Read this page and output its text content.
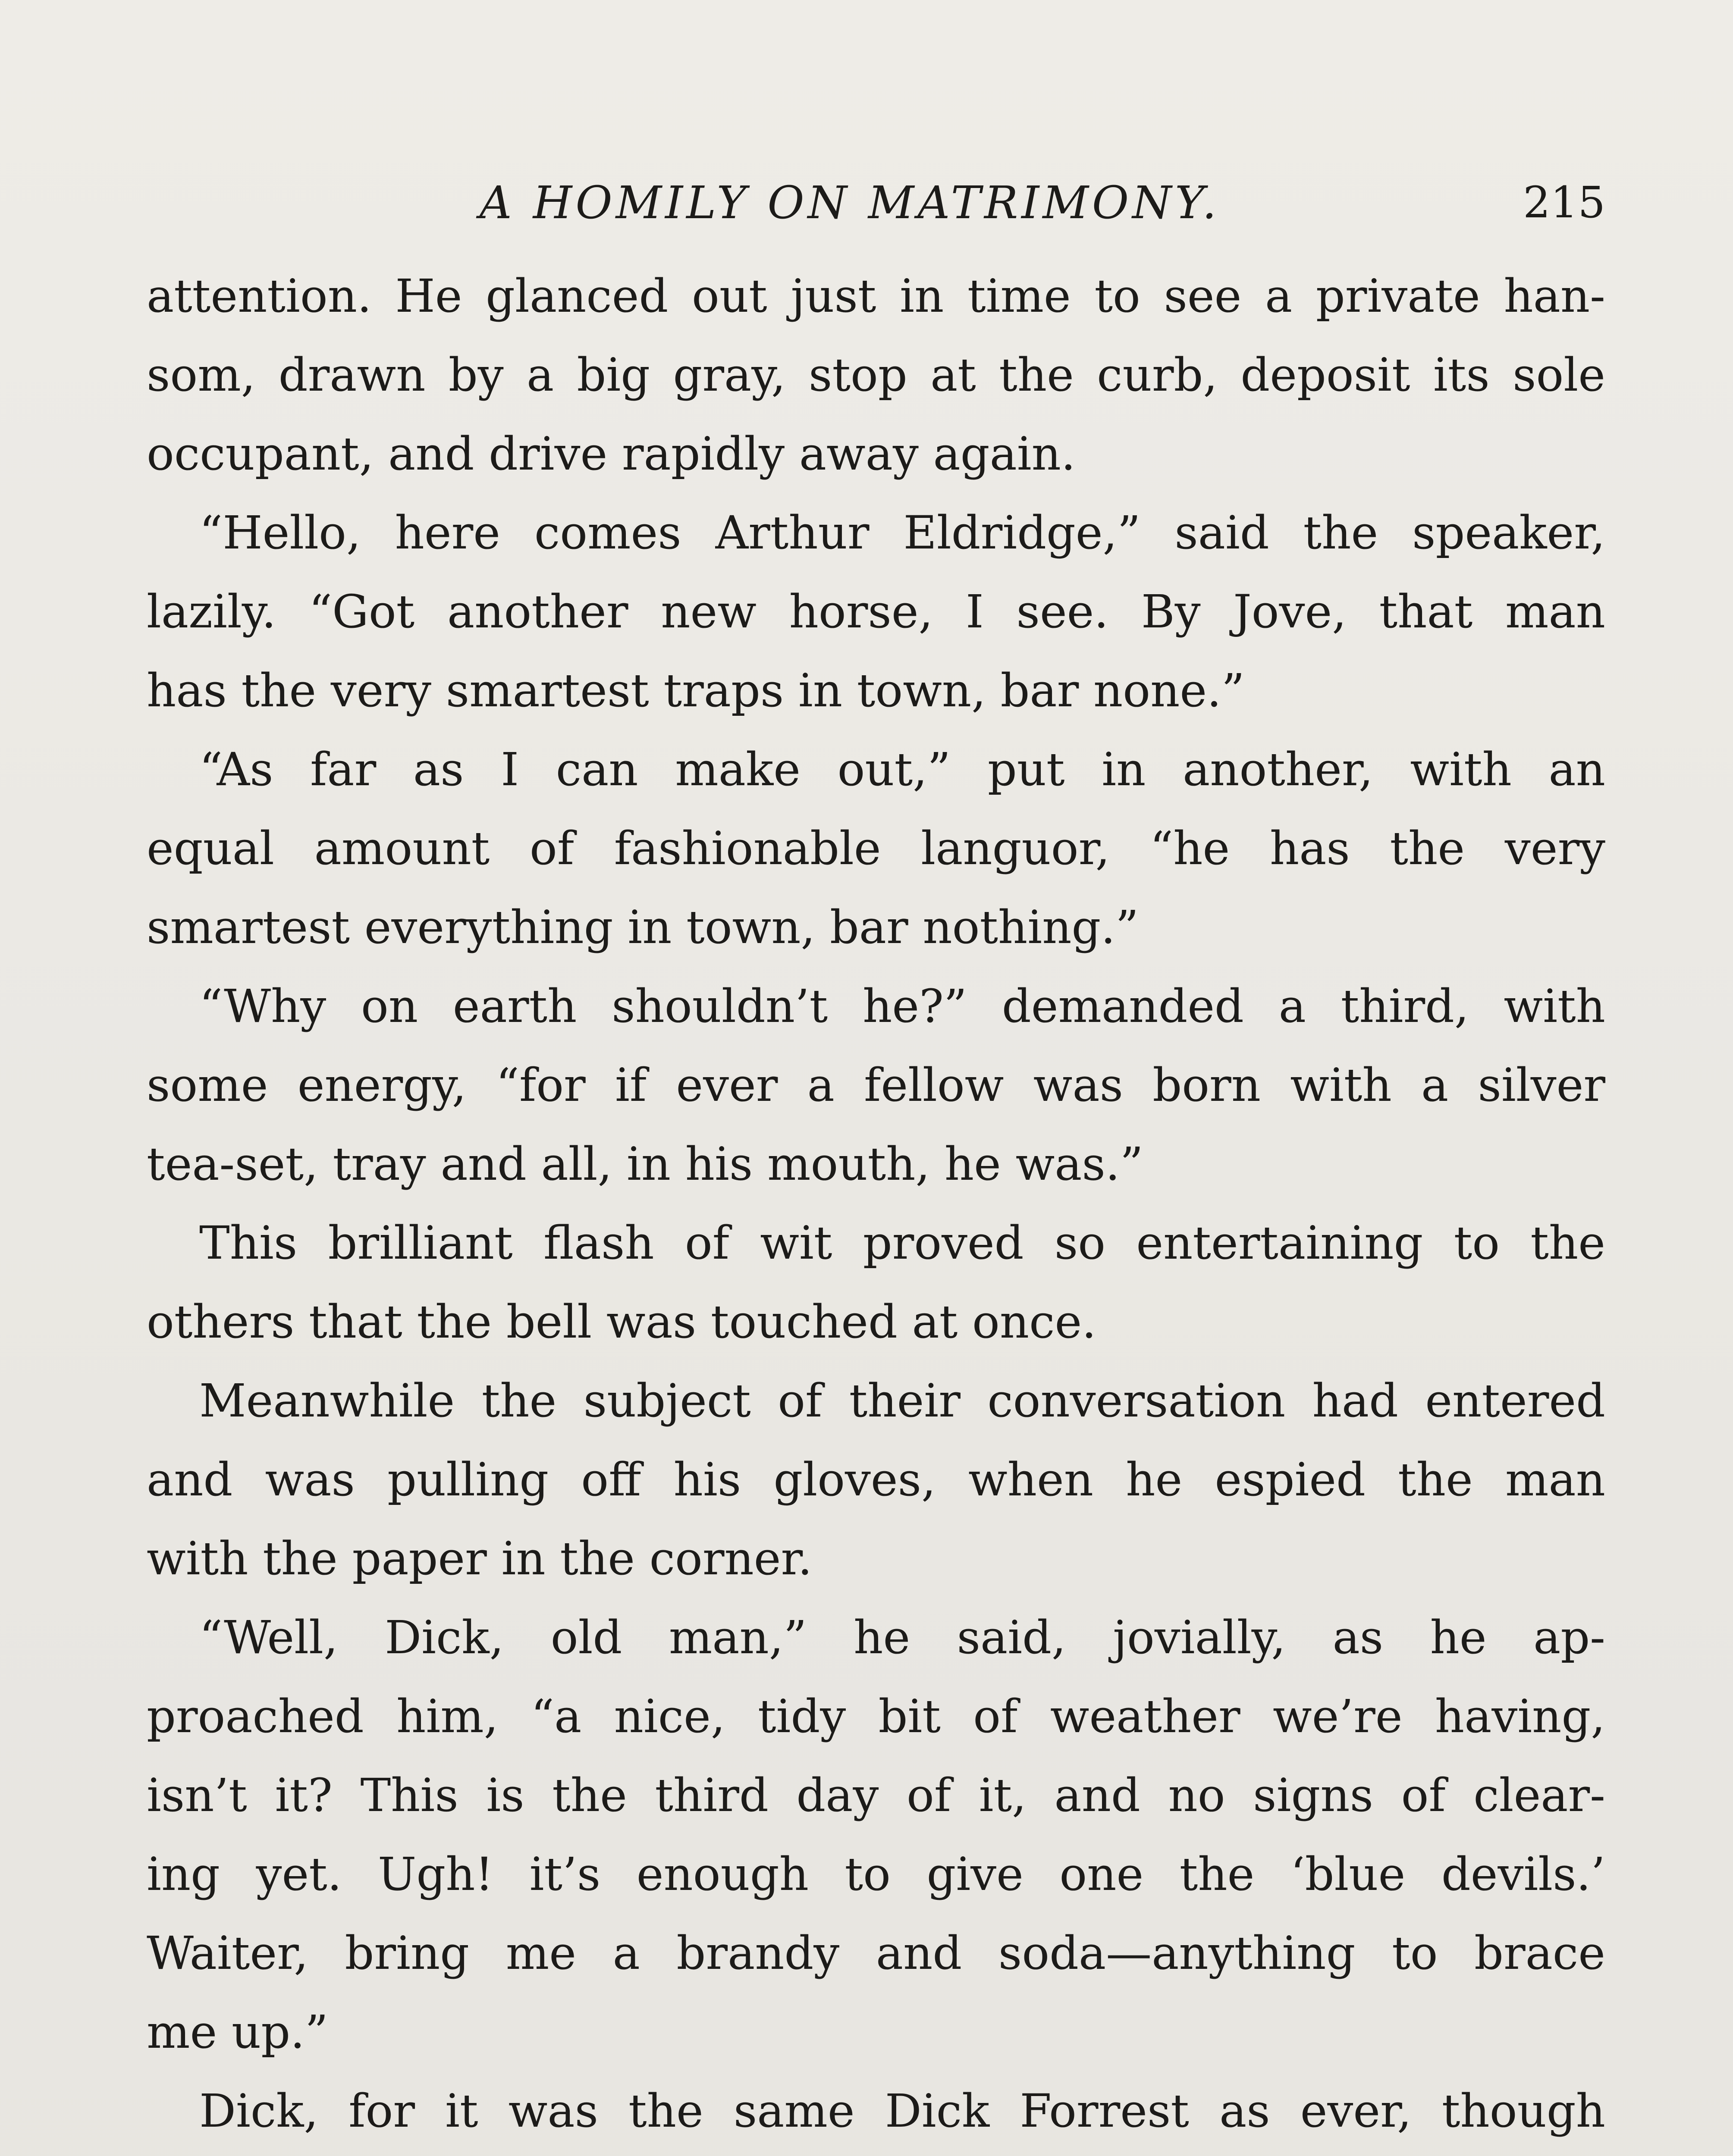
A HOMILY ON MATRIMONY.	215
attention. He glanced out just in time to see a private han-
som, drawn by a big gray, stop at the curb, deposit its sole
occupant, and drive rapidly away again.
“Hello, here comes Arthur Eldridge,” said the speaker,
lazily. “Got another new horse, I see. By Jove, that man
has the very smartest traps in town, bar none.”
“As far as I can make out,” put in another, with an
equal amount of fashionable languor, “he has the very
smartest everything in town, bar nothing.”
“Why on earth shouldn’t he?” demanded a third, with
some energy, “for if ever a fellow was born with a silver
tea-set, tray and all, in his mouth, he was.”
This brilliant flash of wit proved so entertaining to the
others that the bell was touched at once.
Meanwhile the subject of their conversation had entered
and was pulling off his gloves, when he espied the man
with the paper in the corner.
“Well, Dick, old man,” he said, jovially, as he ap-
proached him, “a nice, tidy bit of weather we’re having,
isn’t it? This is the third day of it, and no signs of clear-
ing yet. Ugh! it’s enough to give one the ‘blue devils.’
Waiter, bring me a brandy and soda—anything to brace
me up.”
Dick, for it was the same Dick Forrest as ever, though
